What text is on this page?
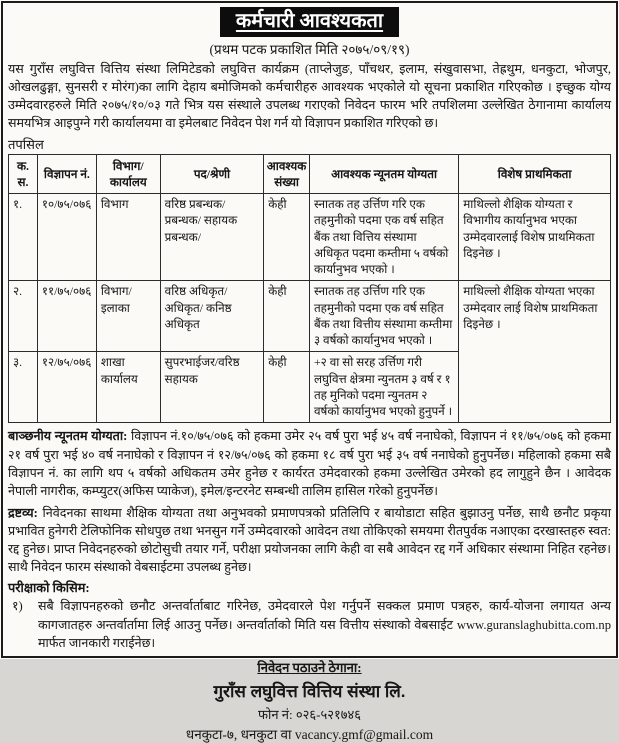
कर्मचारी आवश्यकता
(प्रथम पटक प्रकाशित मिति २०७५/०९/१९)

यस गुराँस लघुवित्त वित्तिय संस्था लिमिटेडको लघुवित्त कार्यक्रम (ताप्लेजुङ, पाँचथर, इलाम, संखुवासभा, तेह्रथुम, धनकुटा, भोजपुर, ओखलढुङ्गा, सुनसरी र मोरंग)का लागि देहाय बमोजिमको कर्मचारीहरु आवश्यक भएकोले यो सूचना प्रकाशित गरिएकोछ । इच्छुक योग्य उम्मेदवारहरुले मिति २०७५/१०/०३ गते भित्र यस संस्थाले उपलब्ध गराएको निवेदन फारम भरि तपशिलमा उल्लेखित ठेगानामा कार्यालय समयभित्र आइपुग्ने गरी कार्यालयमा वा इमेलबाट निवेदन पेश गर्न यो विज्ञापन प्रकाशित गरिएको छ।

तपसिल
क. स.	विज्ञापन नं.	विभाग/ कार्यालय	पद/श्रेणी	आवश्यक संख्या	आवश्यक न्यूनतम योग्यता	विशेष प्राथमिकता
१.	१०/७५/०७६	विभाग	वरिष्ठ प्रबन्धक/ प्रबन्धक/ सहायक प्रबन्धक/	केही	स्नातक तह उर्त्तिण गरि एक तहमुनीको पदमा एक वर्ष सहित बैंक तथा वित्तिय संस्थामा अधिकृत पदमा कम्तीमा ५ वर्षको कार्यानुभव भएको ।	माथिल्लो शैक्षिक योग्यता र विभागीय कार्यानुभव भएका उम्मेदवारलाई विशेष प्राथमिकता दिइनेछ ।
२.	११/७५/०७६	विभाग/ इलाका	वरिष्ठ अधिकृत/ अधिकृत/ कनिष्ठ अधिकृत	केही	स्नातक तह उर्त्तिण गरि एक तहमुनीको पदमा एक वर्ष सहित बैंक तथा वित्तीय संस्थामा कम्तीमा ३ वर्षको कार्यानुभव भएको ।	माथिल्लो शैक्षिक योग्यता भएका उम्मेदवार लाई विशेष प्राथमिकता दिइनेछ ।
३.	१२/७५/०७६	शाखा कार्यालय	सुपरभाईजर/वरिष्ठ सहायक	केही	+२ वा सो सरह उर्त्तिण गरी लघुवित्त क्षेत्रमा न्युनतम ३ वर्ष र १ तह मुनिको पदमा न्युनतम २ वर्षको कार्यानुभव भएको हुनुपर्ने ।	

बाञ्छनीय न्यूनतम योग्यता: विज्ञापन नं.१०/७५/०७६ को हकमा उमेर २५ वर्ष पुरा भई ४५ वर्ष ननाघेको, विज्ञापन नं ११/७५/०७६ को हकमा २१ वर्ष पुरा भई ४० वर्ष ननाघेको र विज्ञापन नं १२/७५/०७६ को हकमा १८ वर्ष पुरा भई ३५ वर्ष ननाघेको हुनुपर्नेछ। महिलाको हकमा सबै विज्ञापन नं. का लागि थप ५ वर्षको अधिकतम उमेर हुनेछ र कार्यरत उमेदवारको हकमा उल्लेखित उमेरको हद लागुहुने छैन । आवेदक नेपाली नागरीक, कम्प्युटर(अफिस प्याकेज), इमेल/इन्टरनेट सम्बन्धी तालिम हासिल गरेको हुनुपर्नेछ।

द्रष्टव्य: निवेदनका साथमा शैक्षिक योग्यता तथा अनुभवको प्रमाणपत्रको प्रतिलिपि र बायोडाटा सहित बुझाउनु पर्नेछ, साथै छनौट प्रकृया प्रभावित हुनेगरी टेलिफोनिक सोधपुछ तथा भनसुन गर्ने उम्मेदवारको आवेदन तथा तोकिएको समयमा रीतपुर्वक नआएका दरखास्तहरु स्वत: रद्द हुनेछ। प्राप्त निवेदनहरुको छोटोसुची तयार गर्ने, परीक्षा प्रयोजनका लागि केही वा सबै आवेदन रद्द गर्ने अधिकार संस्थामा निहित रहनेछ। साथै निवेदन फारम संस्थाको वेबसाईटमा उपलब्ध हुनेछ।

परीक्षाको किसिम:
१)	सबै विज्ञापनहरुको छनौट अन्तर्वार्ताबाट गरिनेछ, उमेदवारले पेश गर्नुपर्ने सक्कल प्रमाण पत्रहरु, कार्य-योजना लगायत अन्य कागजातहरु अन्तर्वार्तामा लिई आउनु पर्नेछ। अन्तर्वार्ताको मिति यस वित्तीय संस्थाको वेबसाईट www.guranslaghubitta.com.np मार्फत जानकारी गराईनेछ।
निवेदन पठाउने ठेगाना:
गुराँस लघुवित्त वित्तिय संस्था लि.
फोन नं: ०२६-५२१७४६
धनकुटा-७, धनकुटा वा vacancy.gmf@gmail.com
